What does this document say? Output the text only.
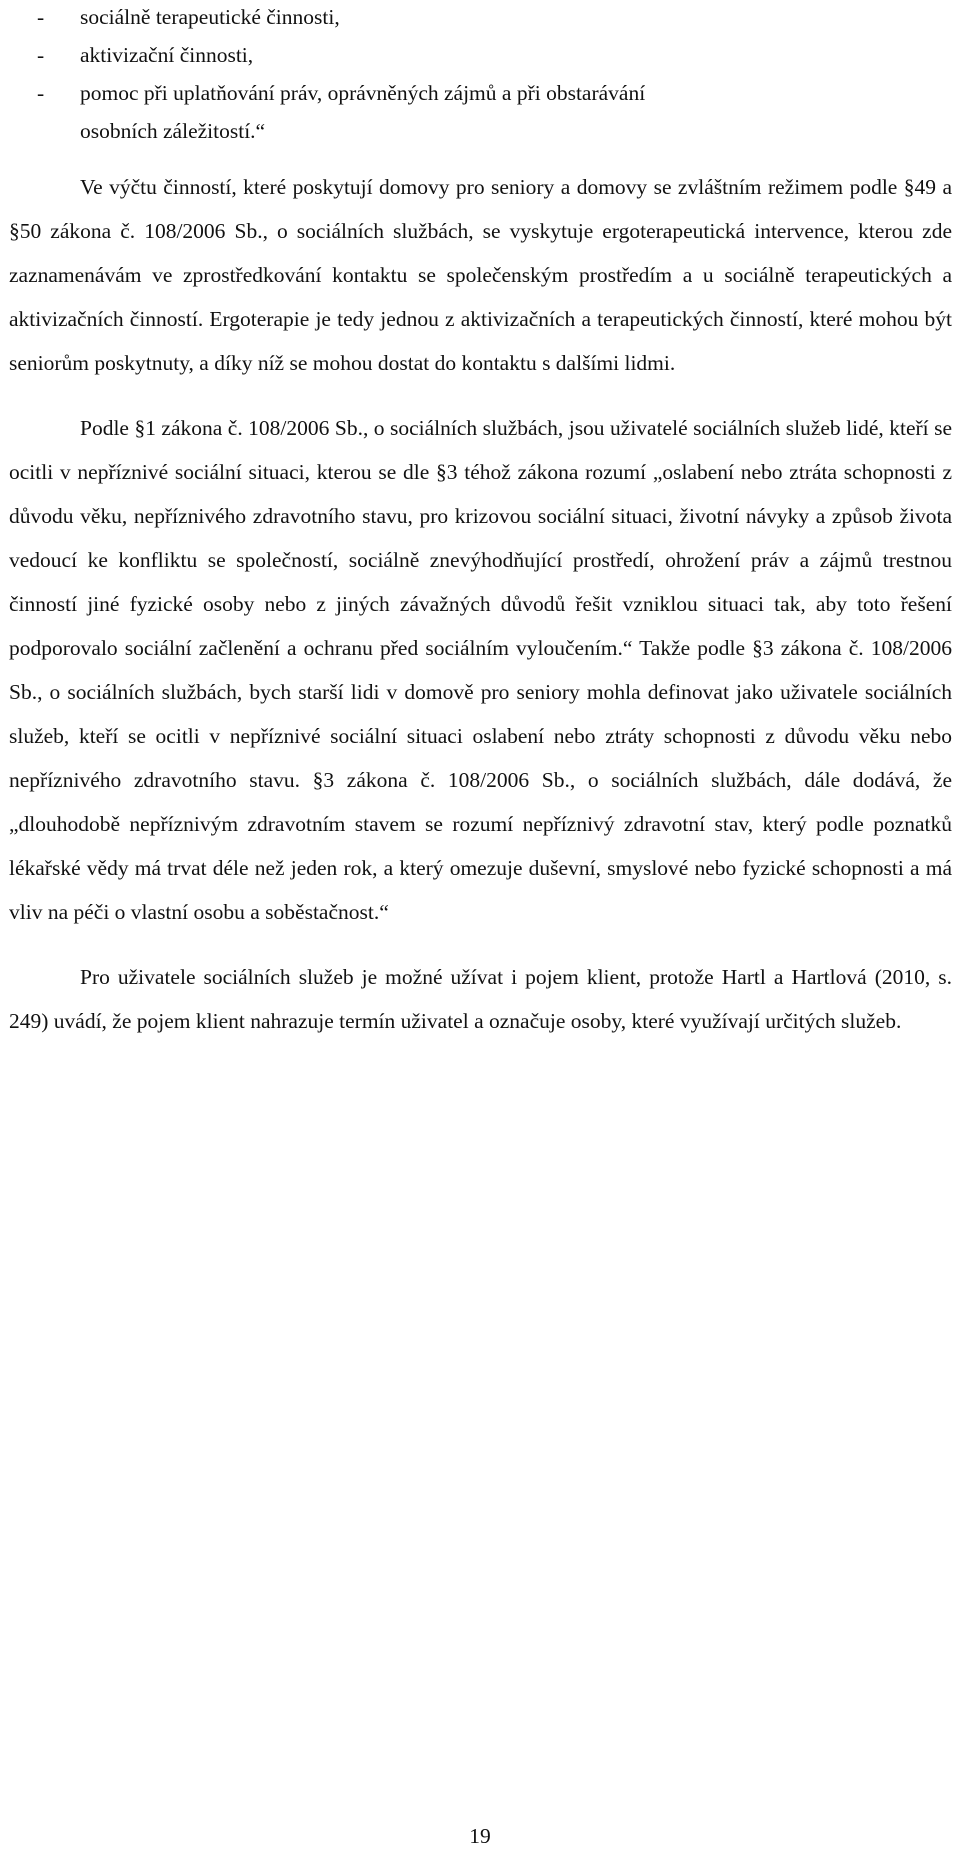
- sociálně terapeutické činnosti,
- aktivizační činnosti,
- pomoc při uplatňování práv, oprávněných zájmů a při obstarávání
osobních záležitostí.“

Ve výčtu činností, které poskytují domovy pro seniory a domovy se zvláštním režimem podle §49 a §50 zákona č. 108/2006 Sb., o sociálních službách, se vyskytuje ergoterapeutická intervence, kterou zde zaznamenávám ve zprostředkování kontaktu se společenským prostředím a u sociálně terapeutických a aktivizačních činností. Ergoterapie je tedy jednou z aktivizačních a terapeutických činností, které mohou být seniorům poskytnuty, a díky níž se mohou dostat do kontaktu s dalšími lidmi.

Podle §1 zákona č. 108/2006 Sb., o sociálních službách, jsou uživatelé sociálních služeb lidé, kteří se ocitli v nepříznivé sociální situaci, kterou se dle §3 téhož zákona rozumí „oslabení nebo ztráta schopnosti z důvodu věku, nepříznivého zdravotního stavu, pro krizovou sociální situaci, životní návyky a způsob života vedoucí ke konfliktu se společností, sociálně znevýhodňující prostředí, ohrožení práv a zájmů trestnou činností jiné fyzické osoby nebo z jiných závažných důvodů řešit vzniklou situaci tak, aby toto řešení podporovalo sociální začlenění a ochranu před sociálním vyloučením.“ Takže podle §3 zákona č. 108/2006 Sb., o sociálních službách, bych starší lidi v domově pro seniory mohla definovat jako uživatele sociálních služeb, kteří se ocitli v nepříznivé sociální situaci oslabení nebo ztráty schopnosti z důvodu věku nebo nepříznivého zdravotního stavu. §3 zákona č. 108/2006 Sb., o sociálních službách, dále dodává, že „dlouhodobě nepříznivým zdravotním stavem se rozumí nepříznivý zdravotní stav, který podle poznatků lékařské vědy má trvat déle než jeden rok, a který omezuje duševní, smyslové nebo fyzické schopnosti a má vliv na péči o vlastní osobu a soběstačnost.“

Pro uživatele sociálních služeb je možné užívat i pojem klient, protože Hartl a Hartlová (2010, s. 249) uvádí, že pojem klient nahrazuje termín uživatel a označuje osoby, které využívají určitých služeb.

19
